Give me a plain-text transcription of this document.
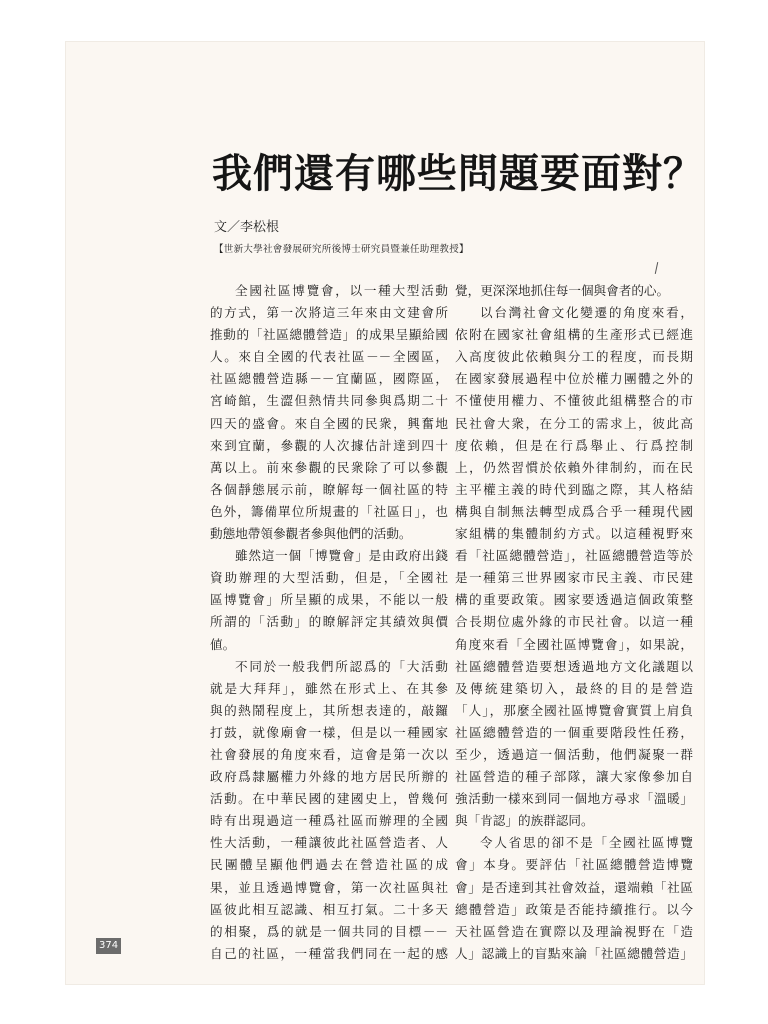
我們還有哪些問題要面對？
文／李松根
【世新大學社會發展研究所後博士研究員暨兼任助理教授】
全國社區博覽會，以一種大型活動
的方式，第一次將這三年來由文建會所
推動的「社區總體營造」的成果呈顯給國
人。來自全國的代表社區－－全國區，
社區總體營造縣－－宜蘭區，國際區，
宮崎館，生澀但熱情共同參與爲期二十
四天的盛會。來自全國的民衆，興奮地
來到宜蘭，參觀的人次據估計達到四十
萬以上。前來參觀的民衆除了可以參觀
各個靜態展示前，瞭解每一個社區的特
色外，籌備單位所規畫的「社區日」，也
動態地帶領參觀者參與他們的活動。
雖然這一個「博覽會」是由政府出錢
資助辦理的大型活動，但是，「全國社
區博覽會」所呈顯的成果，不能以一般
所謂的「活動」的瞭解評定其績效與價
値。
不同於一般我們所認爲的「大活動
就是大拜拜」，雖然在形式上、在其參
與的熱鬧程度上，其所想表達的，敲鑼
打鼓，就像廟會一樣，但是以一種國家
社會發展的角度來看，這會是第一次以
政府爲隸屬權力外緣的地方居民所辦的
活動。在中華民國的建國史上，曾幾何
時有出現過這一種爲社區而辦理的全國
性大活動，一種讓彼此社區營造者、人
民團體呈顯他們過去在營造社區的成
果，並且透過博覽會，第一次社區與社
區彼此相互認識、相互打氣。二十多天
的相聚，爲的就是一個共同的目標－－
自己的社區，一種當我們同在一起的感
覺，更深深地抓住每一個與會者的心。
以台灣社會文化變遷的角度來看，
依附在國家社會組構的生產形式已經進
入高度彼此依賴與分工的程度，而長期
在國家發展過程中位於權力團體之外的
不懂使用權力、不懂彼此組構整合的市
民社會大衆，在分工的需求上，彼此高
度依賴，但是在行爲舉止、行爲控制
上，仍然習慣於依賴外律制約，而在民
主平權主義的時代到臨之際，其人格結
構與自制無法轉型成爲合乎一種現代國
家組構的集體制約方式。以這種視野來
看「社區總體營造」，社區總體營造等於
是一種第三世界國家市民主義、市民建
構的重要政策。國家要透過這個政策整
合長期位處外緣的市民社會。以這一種
角度來看「全國社區博覽會」，如果說，
社區總體營造要想透過地方文化議題以
及傳統建築切入，最終的目的是營造
「人」，那麼全國社區博覽會實質上肩負
社區總體營造的一個重要階段性任務，
至少，透過這一個活動，他們凝聚一群
社區營造的種子部隊，讓大家像參加自
強活動一樣來到同一個地方尋求「溫暖」
與「肯認」的族群認同。
令人省思的卻不是「全國社區博覽
會」本身。要評估「社區總體營造博覽
會」是否達到其社會效益，還端賴「社區
總體營造」政策是否能持續推行。以今
天社區營造在實際以及理論視野在「造
人」認識上的盲點來論「社區總體營造」
374
